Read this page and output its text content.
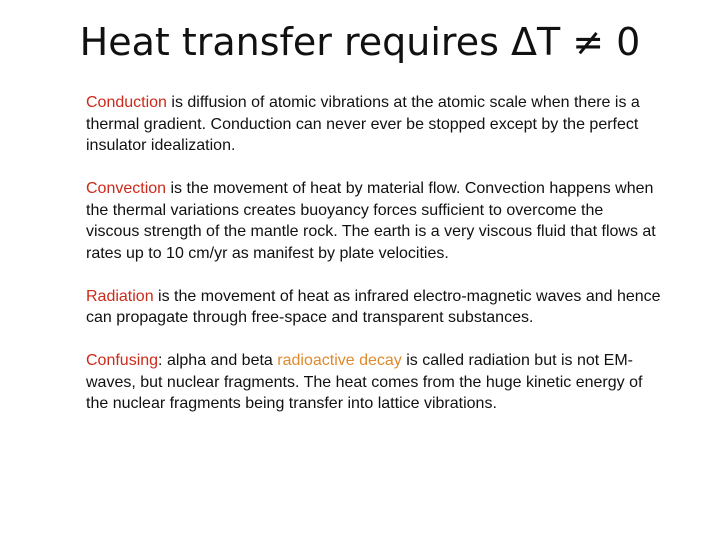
Heat transfer requires ΔT ≠ 0

Conduction is diffusion of atomic vibrations at the atomic scale when there is a thermal gradient. Conduction can never ever be stopped except by the perfect insulator idealization.

Convection is the movement of heat by material flow. Convection happens when the thermal variations creates buoyancy forces sufficient to overcome the viscous strength of the mantle rock. The earth is a very viscous fluid that flows at rates up to 10 cm/yr as manifest by plate velocities.

Radiation is the movement of heat as infrared electro-magnetic waves and hence can propagate through free-space and transparent substances.

Confusing: alpha and beta radioactive decay is called radiation but is not EM-waves, but nuclear fragments. The heat comes from the huge kinetic energy of the nuclear fragments being transfer into lattice vibrations.
